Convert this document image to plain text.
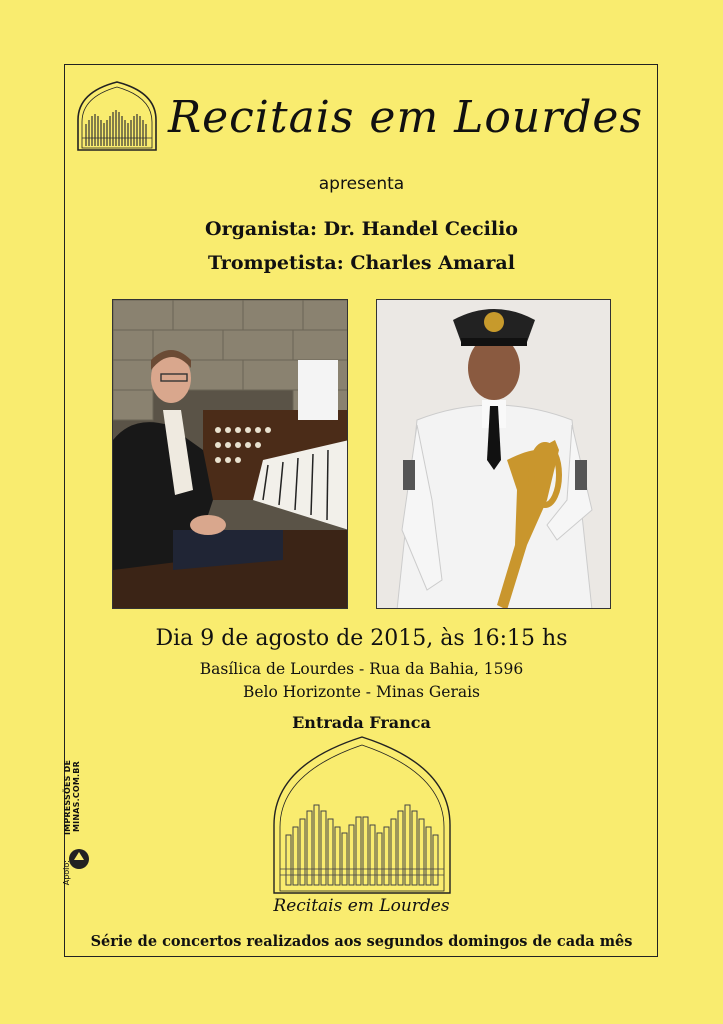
Recitais em Lourdes
apresenta
Organista: Dr. Handel Cecilio
Trompetista: Charles Amaral
Dia 9 de agosto de 2015, às 16:15 hs
Basílica de Lourdes - Rua da Bahia, 1596
Belo Horizonte - Minas Gerais
Entrada Franca
Recitais em Lourdes
Série de concertos realizados aos segundos domingos de cada mês
IMPRESSÕES DE MINAS.COM.BR
Apoio:
